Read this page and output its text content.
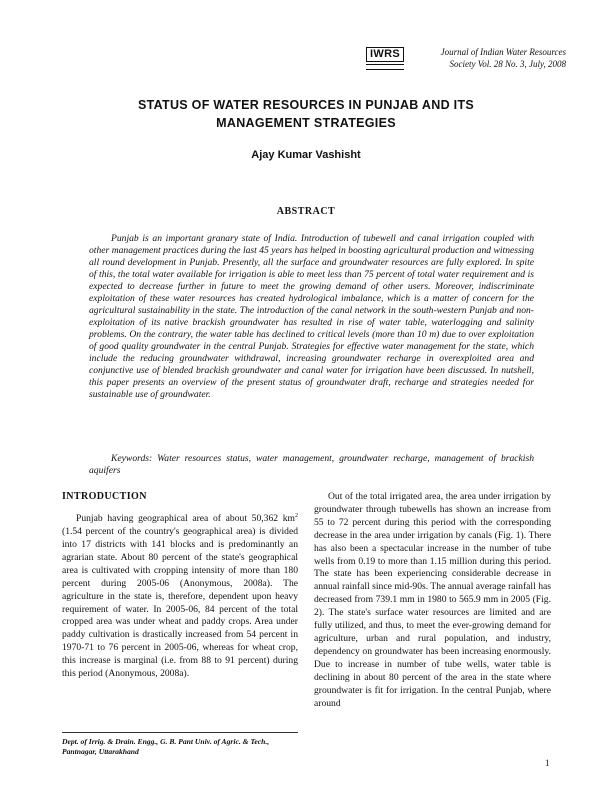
IWRS	Journal of Indian Water Resources
Society Vol. 28 No. 3, July, 2008
STATUS OF WATER RESOURCES IN PUNJAB AND ITS
MANAGEMENT STRATEGIES
Ajay Kumar Vashisht
ABSTRACT

Punjab is an important granary state of India. Introduction of tubewell and canal irrigation coupled with other management practices during the last 45 years has helped in boosting agricultural production and witnessing all round development in Punjab. Presently, all the surface and groundwater resources are fully explored. In spite of this, the total water available for irrigation is able to meet less than 75 percent of total water requirement and is expected to decrease further in future to meet the growing demand of other users. Moreover, indiscriminate exploitation of these water resources has created hydrological imbalance, which is a matter of concern for the agricultural sustainability in the state. The introduction of the canal network in the south-western Punjab and non-exploitation of its native brackish groundwater has resulted in rise of water table, waterlogging and salinity problems. On the contrary, the water table has declined to critical levels (more than 10 m) due to over exploitation of good quality groundwater in the central Punjab. Strategies for effective water management for the state, which include the reducing groundwater withdrawal, increasing groundwater recharge in overexploited area and conjunctive use of blended brackish groundwater and canal water for irrigation have been discussed. In nutshell, this paper presents an overview of the present status of groundwater draft, recharge and strategies needed for sustainable use of groundwater.

Keywords: Water resources status, water management, groundwater recharge, management of brackish aquifers

INTRODUCTION

Punjab having geographical area of about 50,362 $km^2$ (1.54 percent of the country's geographical area) is divided into 17 districts with 141 blocks and is predominantly an agrarian state. About 80 percent of the state's geographical area is cultivated with cropping intensity of more than 180 percent during 2005-06 (Anonymous, 2008a). The agriculture in the state is, therefore, dependent upon heavy requirement of water. In 2005-06, 84 percent of the total cropped area was under wheat and paddy crops. Area under paddy cultivation is drastically increased from 54 percent in 1970-71 to 76 percent in 2005-06, whereas for wheat crop, this increase is marginal (i.e. from 88 to 91 percent) during this period (Anonymous, 2008a).

Dept. of Irrig. & Drain. Engg., G. B. Pant Univ. of Agric. & Tech., Pantnagar, Uttarakhand

Out of the total irrigated area, the area under irrigation by groundwater through tubewells has shown an increase from 55 to 72 percent during this period with the corresponding decrease in the area under irrigation by canals (Fig. 1). There has also been a spectacular increase in the number of tube wells from 0.19 to more than 1.15 million during this period. The state has been experiencing considerable decrease in annual rainfall since mid-90s. The annual average rainfall has decreased from 739.1 mm in 1980 to 565.9 mm in 2005 (Fig. 2). The state's surface water resources are limited and are fully utilized, and thus, to meet the ever-growing demand for agriculture, urban and rural population, and industry, dependency on groundwater has been increasing enormously. Due to increase in number of tube wells, water table is declining in about 80 percent of the area in the state where groundwater is fit for irrigation. In the central Punjab, where around

1
